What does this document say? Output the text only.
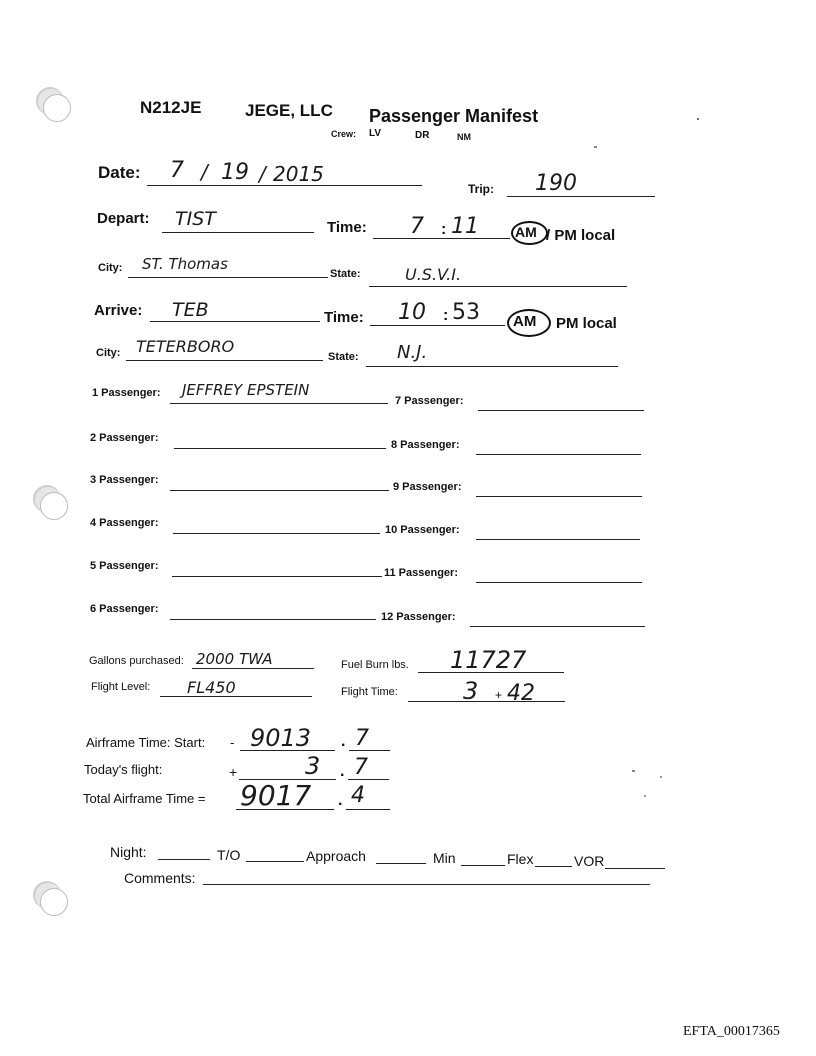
N212JE	JEGE, LLC Passenger Manifest
Crew: LV	DR	NM
Date: 7 / 19 / 2015
Trip: 190
Depart: TIST	Time: 7 : 11	AM / PM local
City: ST. Thomas
State:	U.S.V.I.
Arrive: TEB	Time: 10 : 53 AM PM local
City: TETERBORO
State: N.J.
1 Passenger: JEFFREY EPSTEIN
2 Passenger:
3 Passenger:
4 Passenger:
5 Passenger:
6 Passenger:
7 Passenger:
8 Passenger:
9 Passenger:
10 Passenger:
11 Passenger:
12 Passenger:
Gallons purchased: 2000 TWA	Fuel Burn lbs. 11727
Flight Level: FL450	Flight Time:	3 + 42
Airframe Time: Start: - 9013 . 7
Today's flight:	+	3 . 7
Total Airframe Time = 9017 . 4
Night:	T/O	Approach	Min	Flex	VOR
Comments:
EFTA_00017365
